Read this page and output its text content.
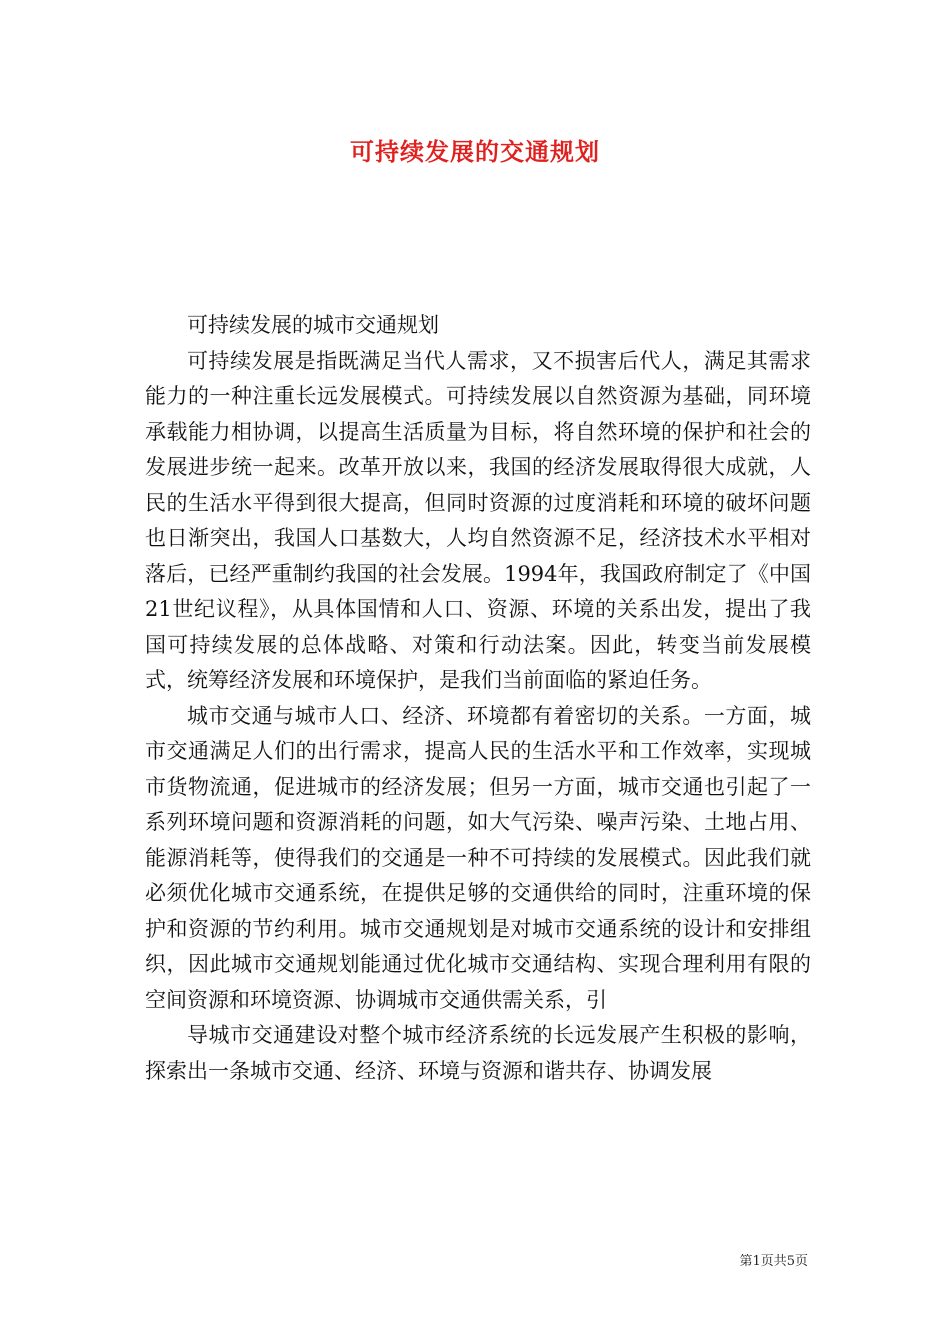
可持续发展的交通规划

可持续发展的城市交通规划

可持续发展是指既满足当代人需求，又不损害后代人，满足其需求能力的一种注重长远发展模式。可持续发展以自然资源为基础，同环境承载能力相协调，以提高生活质量为目标，将自然环境的保护和社会的发展进步统一起来。改革开放以来，我国的经济发展取得很大成就，人民的生活水平得到很大提高，但同时资源的过度消耗和环境的破坏问题也日渐突出，我国人口基数大，人均自然资源不足，经济技术水平相对落后，已经严重制约我国的社会发展。1994年，我国政府制定了《中国21世纪议程》，从具体国情和人口、资源、环境的关系出发，提出了我国可持续发展的总体战略、对策和行动法案。因此，转变当前发展模式，统筹经济发展和环境保护，是我们当前面临的紧迫任务。

城市交通与城市人口、经济、环境都有着密切的关系。一方面，城市交通满足人们的出行需求，提高人民的生活水平和工作效率，实现城市货物流通，促进城市的经济发展；但另一方面，城市交通也引起了一系列环境问题和资源消耗的问题，如大气污染、噪声污染、土地占用、能源消耗等，使得我们的交通是一种不可持续的发展模式。因此我们就必须优化城市交通系统，在提供足够的交通供给的同时，注重环境的保护和资源的节约利用。城市交通规划是对城市交通系统的设计和安排组织，因此城市交通规划能通过优化城市交通结构、实现合理利用有限的空间资源和环境资源、协调城市交通供需关系，引

导城市交通建设对整个城市经济系统的长远发展产生积极的影响，探索出一条城市交通、经济、环境与资源和谐共存、协调发展

第1页共5页
